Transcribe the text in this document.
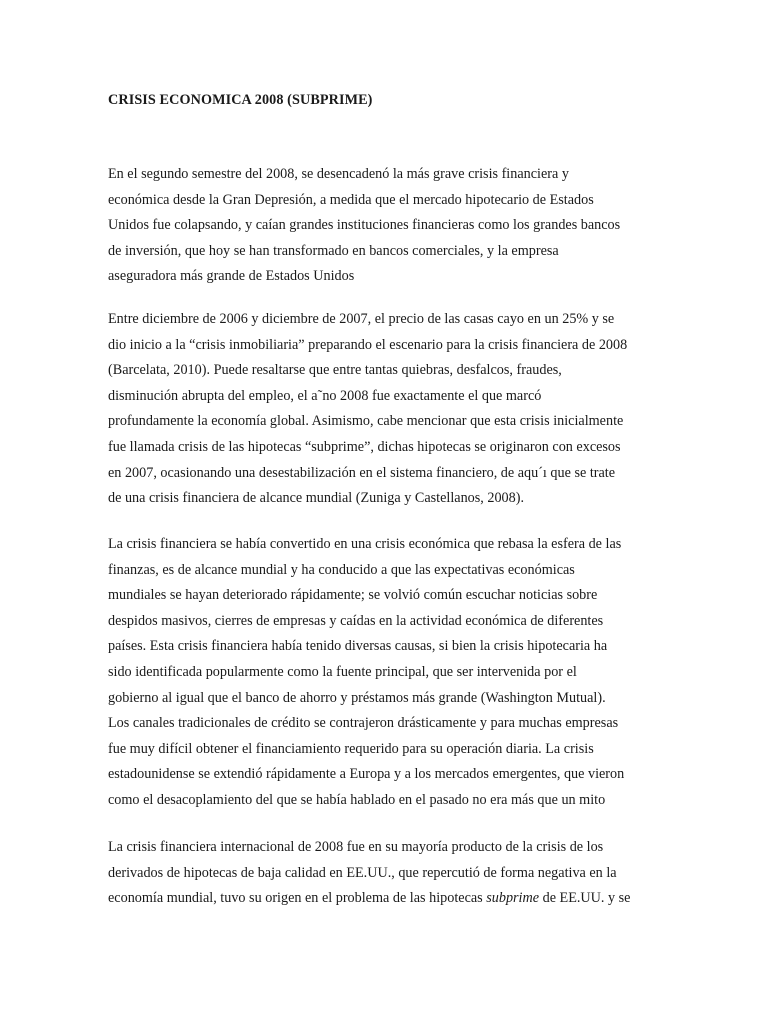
CRISIS ECONOMICA 2008 (SUBPRIME)
En el segundo semestre del 2008, se desencadenó la más grave crisis financiera y
económica desde la Gran Depresión, a medida que el mercado hipotecario de Estados
Unidos fue colapsando, y caían grandes instituciones financieras como los grandes bancos
de inversión, que hoy se han transformado en bancos comerciales, y la empresa
aseguradora más grande de Estados Unidos
Entre diciembre de 2006 y diciembre de 2007, el precio de las casas cayo en un 25% y se
dio inicio a la “crisis inmobiliaria” preparando el escenario para la crisis financiera de 2008
(Barcelata, 2010). Puede resaltarse que entre tantas quiebras, desfalcos, fraudes,
disminución abrupta del empleo, el a˜no 2008 fue exactamente el que marcó
profundamente la economía global. Asimismo, cabe mencionar que esta crisis inicialmente
fue llamada crisis de las hipotecas “subprime”, dichas hipotecas se originaron con excesos
en 2007, ocasionando una desestabilización en el sistema financiero, de aqu´ı que se trate
de una crisis financiera de alcance mundial (Zuniga y Castellanos, 2008).
La crisis financiera se había convertido en una crisis económica que rebasa la esfera de las
finanzas, es de alcance mundial y ha conducido a que las expectativas económicas
mundiales se hayan deteriorado rápidamente; se volvió común escuchar noticias sobre
despidos masivos, cierres de empresas y caídas en la actividad económica de diferentes
países. Esta crisis financiera había tenido diversas causas, si bien la crisis hipotecaria ha
sido identificada popularmente como la fuente principal, que ser intervenida por el
gobierno al igual que el banco de ahorro y préstamos más grande (Washington Mutual).
Los canales tradicionales de crédito se contrajeron drásticamente y para muchas empresas
fue muy difícil obtener el financiamiento requerido para su operación diaria. La crisis
estadounidense se extendió rápidamente a Europa y a los mercados emergentes, que vieron
como el desacoplamiento del que se había hablado en el pasado no era más que un mito
La crisis financiera internacional de 2008 fue en su mayoría producto de la crisis de los
derivados de hipotecas de baja calidad en EE.UU., que repercutió de forma negativa en la
economía mundial, tuvo su origen en el problema de las hipotecas subprime de EE.UU. y se
